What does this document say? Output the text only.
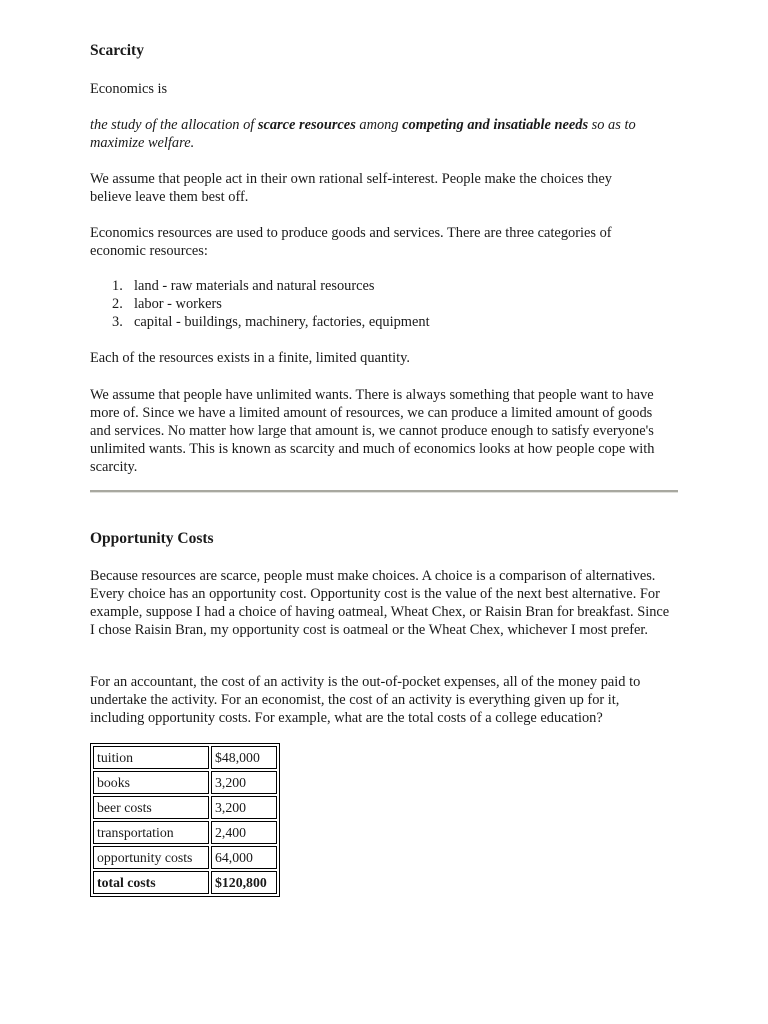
Scarcity

Economics is

the study of the allocation of scarce resources among competing and insatiable needs so as to maximize welfare.

We assume that people act in their own rational self-interest. People make the choices they believe leave them best off.

Economics resources are used to produce goods and services. There are three categories of economic resources:

1. land - raw materials and natural resources
2. labor - workers
3. capital - buildings, machinery, factories, equipment

Each of the resources exists in a finite, limited quantity.

We assume that people have unlimited wants. There is always something that people want to have more of. Since we have a limited amount of resources, we can produce a limited amount of goods and services. No matter how large that amount is, we cannot produce enough to satisfy everyone's unlimited wants. This is known as scarcity and much of economics looks at how people cope with scarcity.

Opportunity Costs

Because resources are scarce, people must make choices. A choice is a comparison of alternatives. Every choice has an opportunity cost. Opportunity cost is the value of the next best alternative. For example, suppose I had a choice of having oatmeal, Wheat Chex, or Raisin Bran for breakfast. Since I chose Raisin Bran, my opportunity cost is oatmeal or the Wheat Chex, whichever I most prefer.

For an accountant, the cost of an activity is the out-of-pocket expenses, all of the money paid to undertake the activity. For an economist, the cost of an activity is everything given up for it, including opportunity costs. For example, what are the total costs of a college education?

tuition	$48,000
books	3,200
beer costs	3,200
transportation	2,400
opportunity costs	64,000
total costs	$120,800
